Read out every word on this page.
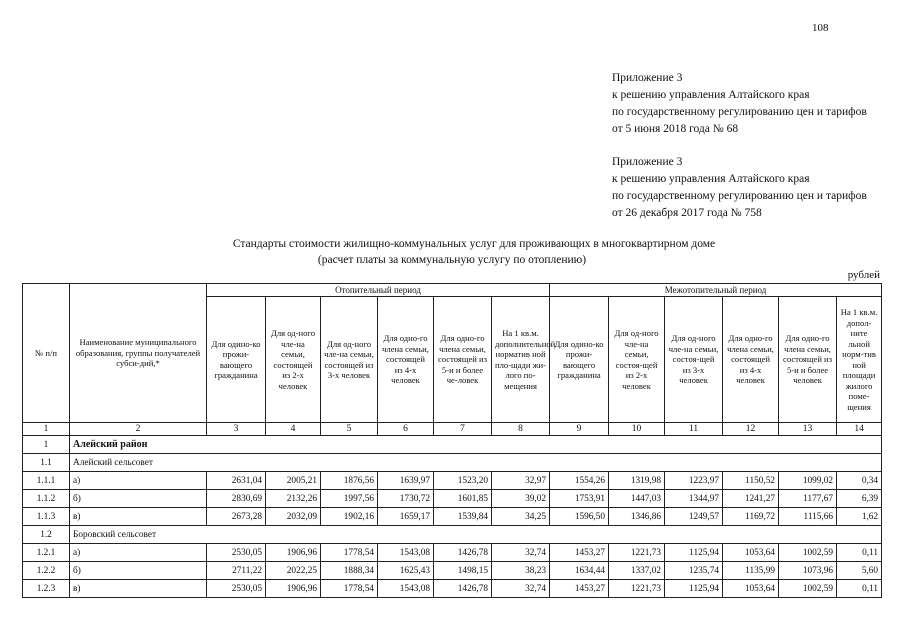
108
Приложение 3
к решению управления Алтайского края
по государственному регулированию цен и тарифов
от 5 июня 2018 года № 68
Приложение 3
к решению управления Алтайского края
по государственному регулированию цен и тарифов
от 26 декабря 2017 года № 758
Стандарты стоимости жилищно-коммунальных услуг для проживающих в многоквартирном доме
(расчет платы за коммунальную услугу по отоплению)
рублей
№ п/п	Наименование муниципального образования, группы получателей субси-дий,*	Отопительный период						Межотопительный период					
		Для одино-ко прожи-вающего гражданина	Для од-ного чле-на семьи, состоящей из 2-х человек	Для од-ного чле-на семьи, состоящей из 3-х человек	Для одно-го члена семьи, состоящей из 4-х человек	Для одно-го члена семьи, состоящей из 5-и и более че-ловек	На 1 кв.м. дополнительной норматив ной пло-щади жи-лого по-мещения	Для одино-ко прожи-вающего гражданина	Для од-ного чле-на семьи, состоя-щей из 2-х человек	Для од-ного чле-на семьи, состоя-щей из 3-х человек	Для одно-го члена семьи, состоящей из 4-х человек	Для одно-го члена семьи, состоящей из 5-и и более человек	На 1 кв.м. допол-ните льной норм-тив ной площади жилого поме-щения
1	2	3	4	5	6	7	8	9	10	11	12	13	14
1	Алейский район												
1.1	Алейский сельсовет												
1.1.1	а)	2631,04	2005,21	1876,56	1639,97	1523,20	32,97	1554,26	1319,98	1223,97	1150,52	1099,02	0,34
1.1.2	б)	2830,69	2132,26	1997,56	1730,72	1601,85	39,02	1753,91	1447,03	1344,97	1241,27	1177,67	6,39
1.1.3	в)	2673,28	2032,09	1902,16	1659,17	1539,84	34,25	1596,50	1346,86	1249,57	1169,72	1115,66	1,62
1.2	Боровский сельсовет												
1.2.1	а)	2530,05	1906,96	1778,54	1543,08	1426,78	32,74	1453,27	1221,73	1125,94	1053,64	1002,59	0,11
1.2.2	б)	2711,22	2022,25	1888,34	1625,43	1498,15	38,23	1634,44	1337,02	1235,74	1135,99	1073,96	5,60
1.2.3	в)	2530,05	1906,96	1778,54	1543,08	1426,78	32,74	1453,27	1221,73	1125,94	1053,64	1002,59	0,11
